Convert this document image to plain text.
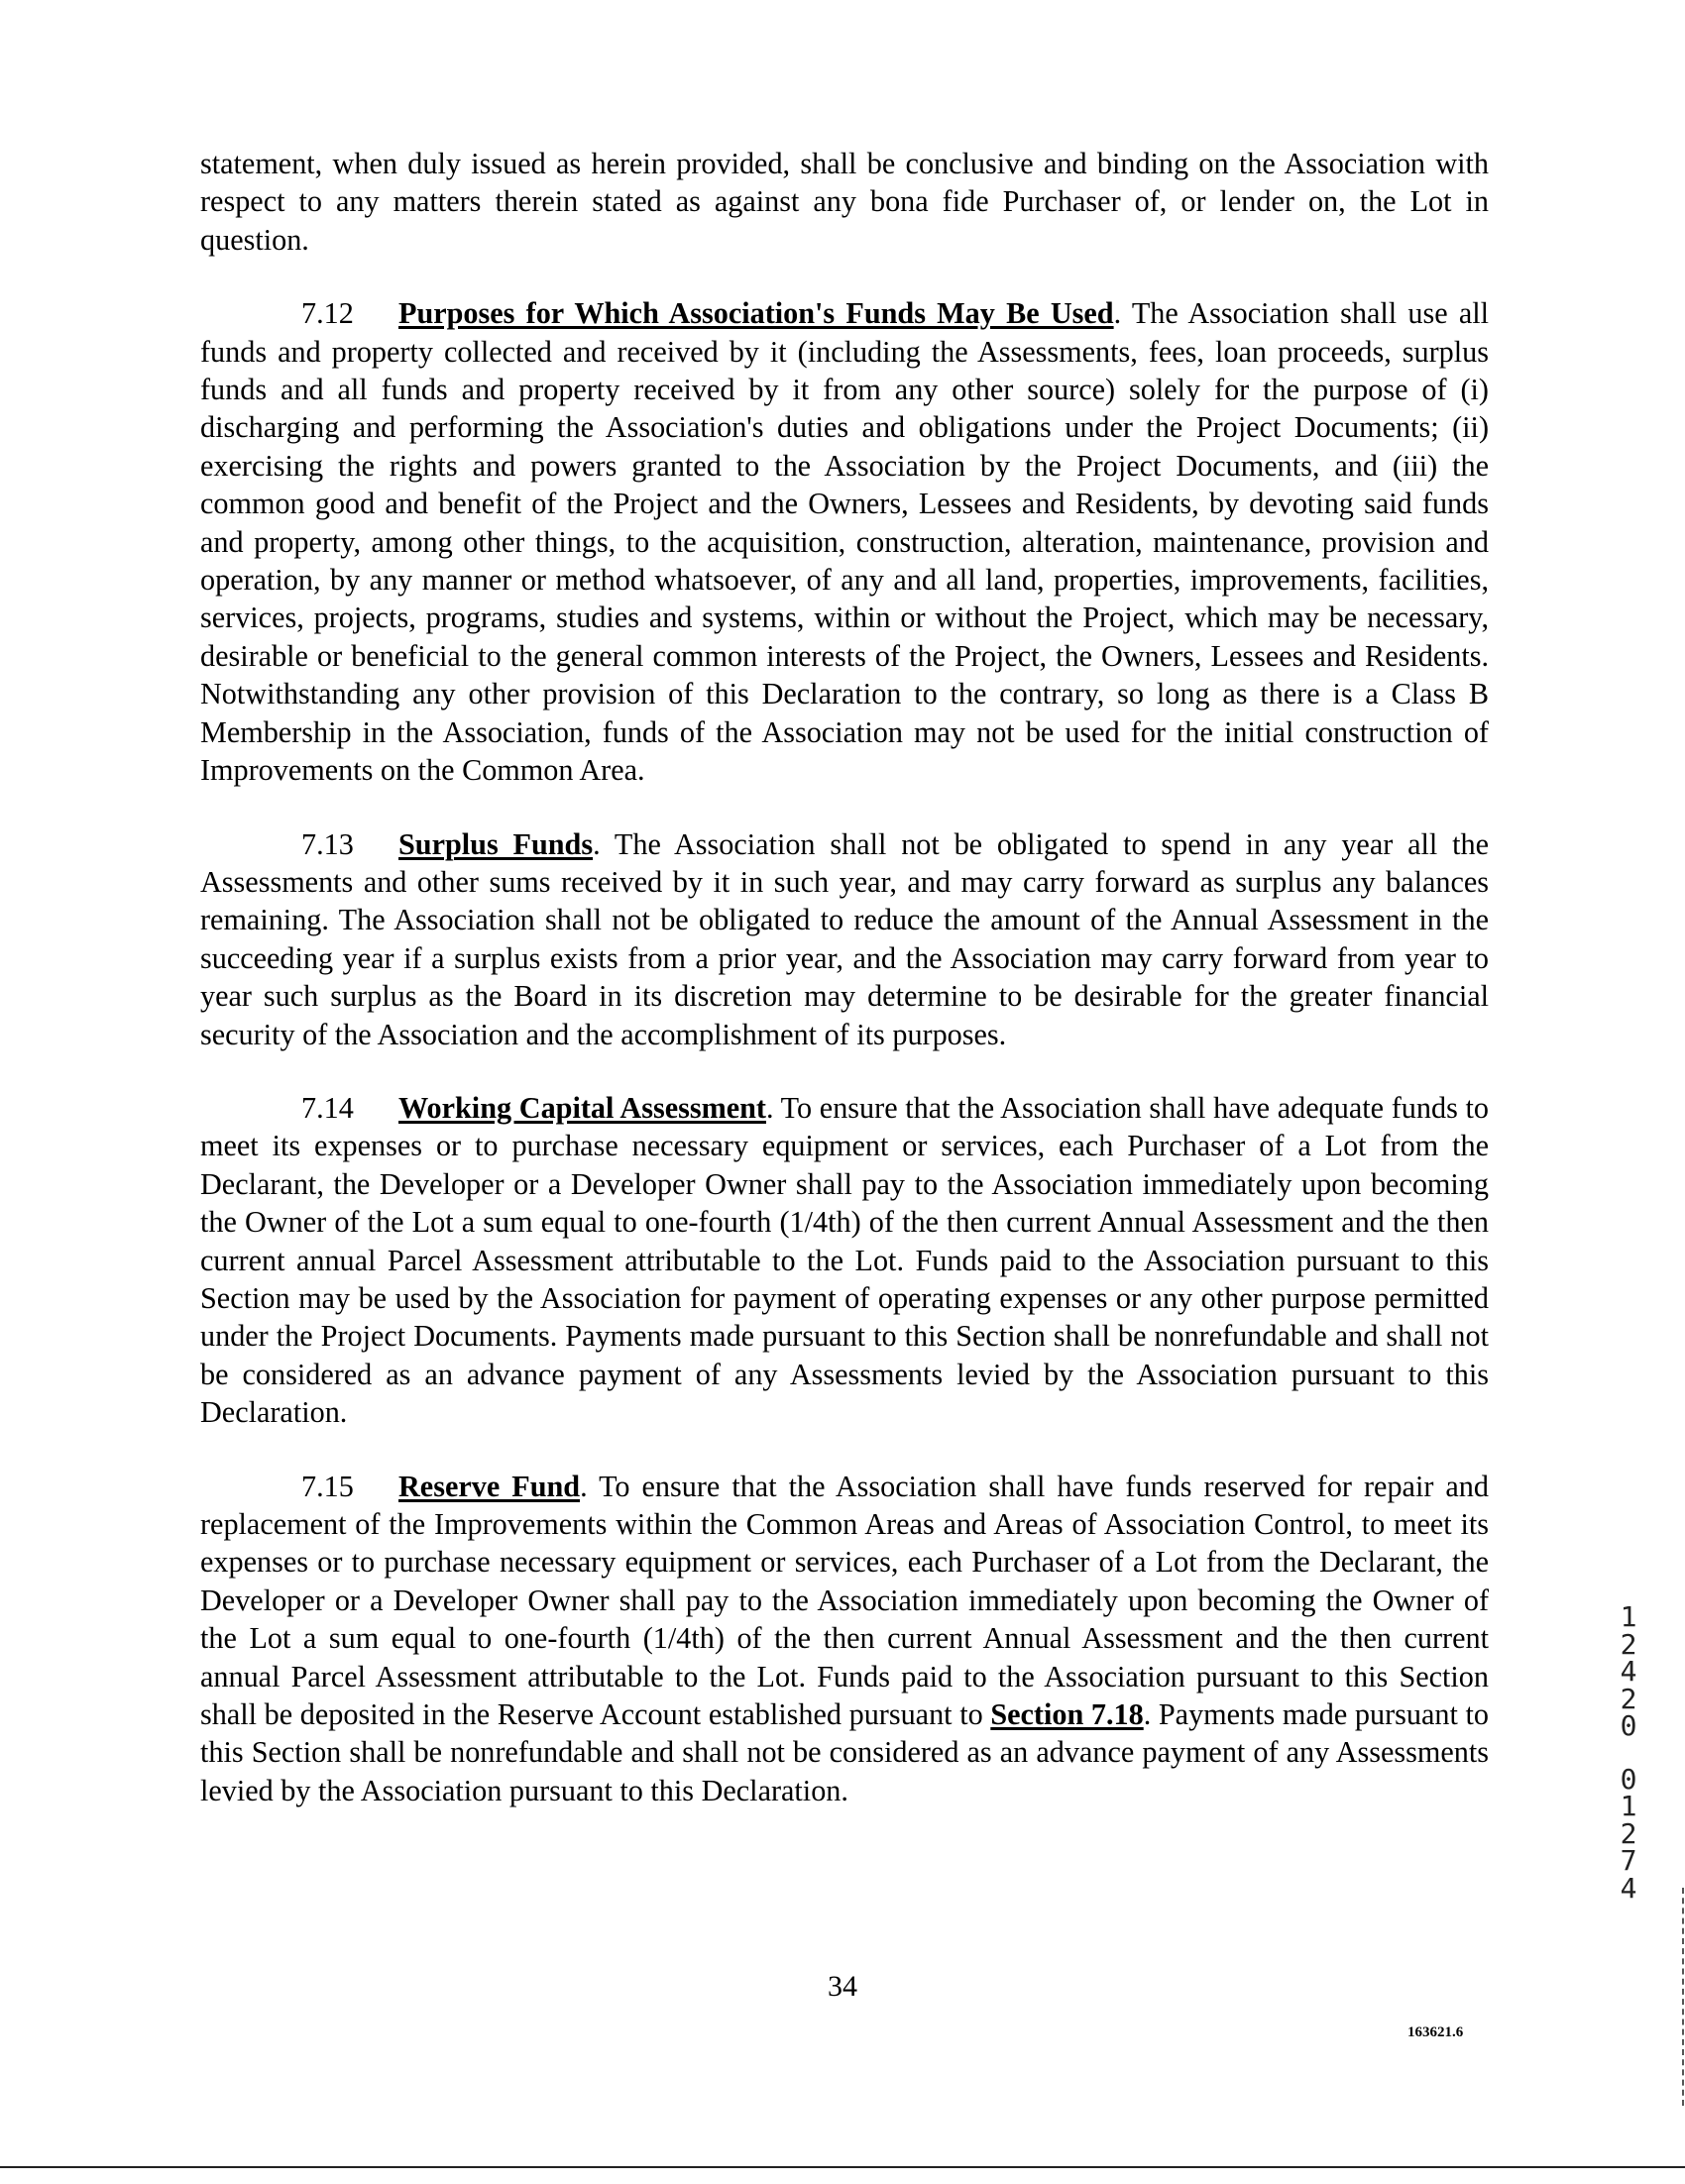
statement, when duly issued as herein provided, shall be conclusive and binding on the Association with respect to any matters therein stated as against any bona fide Purchaser of, or lender on, the Lot in question.

7.12 Purposes for Which Association's Funds May Be Used. The Association shall use all funds and property collected and received by it (including the Assessments, fees, loan proceeds, surplus funds and all funds and property received by it from any other source) solely for the purpose of (i) discharging and performing the Association's duties and obligations under the Project Documents; (ii) exercising the rights and powers granted to the Association by the Project Documents, and (iii) the common good and benefit of the Project and the Owners, Lessees and Residents, by devoting said funds and property, among other things, to the acquisition, construction, alteration, maintenance, provision and operation, by any manner or method whatsoever, of any and all land, properties, improvements, facilities, services, projects, programs, studies and systems, within or without the Project, which may be necessary, desirable or beneficial to the general common interests of the Project, the Owners, Lessees and Residents. Notwithstanding any other provision of this Declaration to the contrary, so long as there is a Class B Membership in the Association, funds of the Association may not be used for the initial construction of Improvements on the Common Area.

7.13 Surplus Funds. The Association shall not be obligated to spend in any year all the Assessments and other sums received by it in such year, and may carry forward as surplus any balances remaining. The Association shall not be obligated to reduce the amount of the Annual Assessment in the succeeding year if a surplus exists from a prior year, and the Association may carry forward from year to year such surplus as the Board in its discretion may determine to be desirable for the greater financial security of the Association and the accomplishment of its purposes.

7.14 Working Capital Assessment. To ensure that the Association shall have adequate funds to meet its expenses or to purchase necessary equipment or services, each Purchaser of a Lot from the Declarant, the Developer or a Developer Owner shall pay to the Association immediately upon becoming the Owner of the Lot a sum equal to one-fourth (1/4th) of the then current Annual Assessment and the then current annual Parcel Assessment attributable to the Lot. Funds paid to the Association pursuant to this Section may be used by the Association for payment of operating expenses or any other purpose permitted under the Project Documents. Payments made pursuant to this Section shall be nonrefundable and shall not be considered as an advance payment of any Assessments levied by the Association pursuant to this Declaration.

7.15 Reserve Fund. To ensure that the Association shall have funds reserved for repair and replacement of the Improvements within the Common Areas and Areas of Association Control, to meet its expenses or to purchase necessary equipment or services, each Purchaser of a Lot from the Declarant, the Developer or a Developer Owner shall pay to the Association immediately upon becoming the Owner of the Lot a sum equal to one-fourth (1/4th) of the then current Annual Assessment and the then current annual Parcel Assessment attributable to the Lot. Funds paid to the Association pursuant to this Section shall be deposited in the Reserve Account established pursuant to Section 7.18. Payments made pursuant to this Section shall be nonrefundable and shall not be considered as an advance payment of any Assessments levied by the Association pursuant to this Declaration.

1
2
4
2
0
0
1
2
7
4
34
163621.6
